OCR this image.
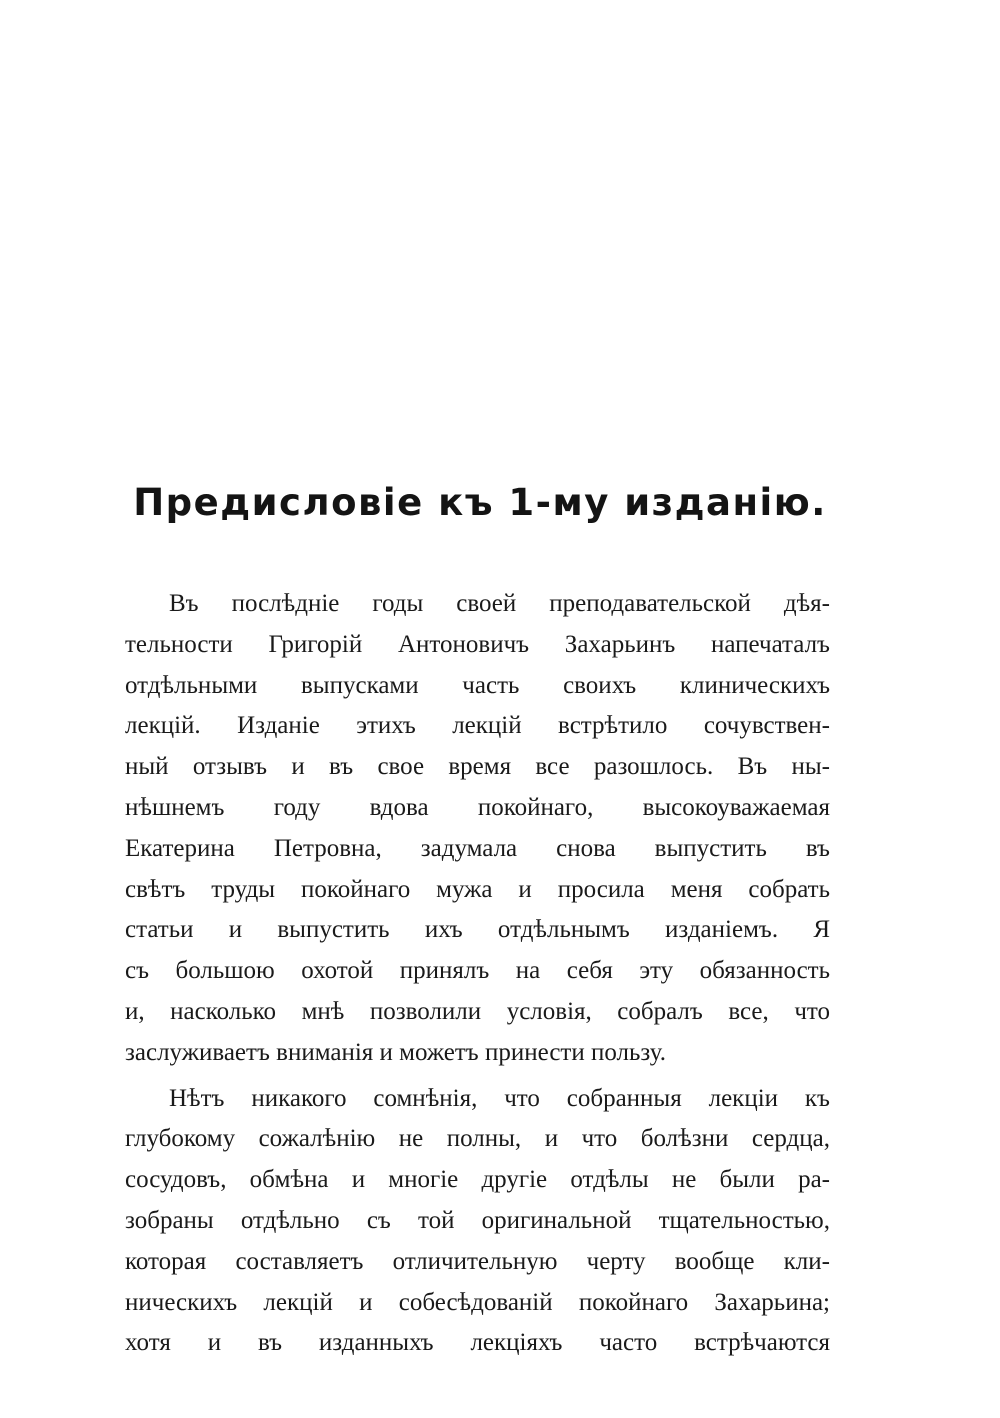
Предисловіе къ 1-му изданію.
Въ послѣдніе годы своей преподавательской дѣя-
тельности Григорій Антоновичъ Захарьинъ напечаталъ
отдѣльными выпусками часть своихъ клиническихъ
лекцій. Изданіе этихъ лекцій встрѣтило сочувствен-
ный отзывъ и въ свое время все разошлось. Въ ны-
нѣшнемъ году вдова покойнаго, высокоуважаемая
Екатерина Петровна, задумала снова выпустить въ
свѣтъ труды покойнаго мужа и просила меня собрать
статьи и выпустить ихъ отдѣльнымъ изданіемъ. Я
съ большою охотой принялъ на себя эту обязанность
и, насколько мнѣ позволили условія, собралъ все, что
заслуживаетъ вниманія и можетъ принести пользу.
Нѣтъ никакого сомнѣнія, что собранныя лекціи къ
глубокому сожалѣнію не полны, и что болѣзни сердца,
сосудовъ, обмѣна и многіе другіе отдѣлы не были ра-
зобраны отдѣльно съ той оригинальной тщательностью,
которая составляетъ отличительную черту вообще кли-
ническихъ лекцій и собесѣдованій покойнаго Захарьина;
хотя и въ изданныхъ лекціяхъ часто встрѣчаются
